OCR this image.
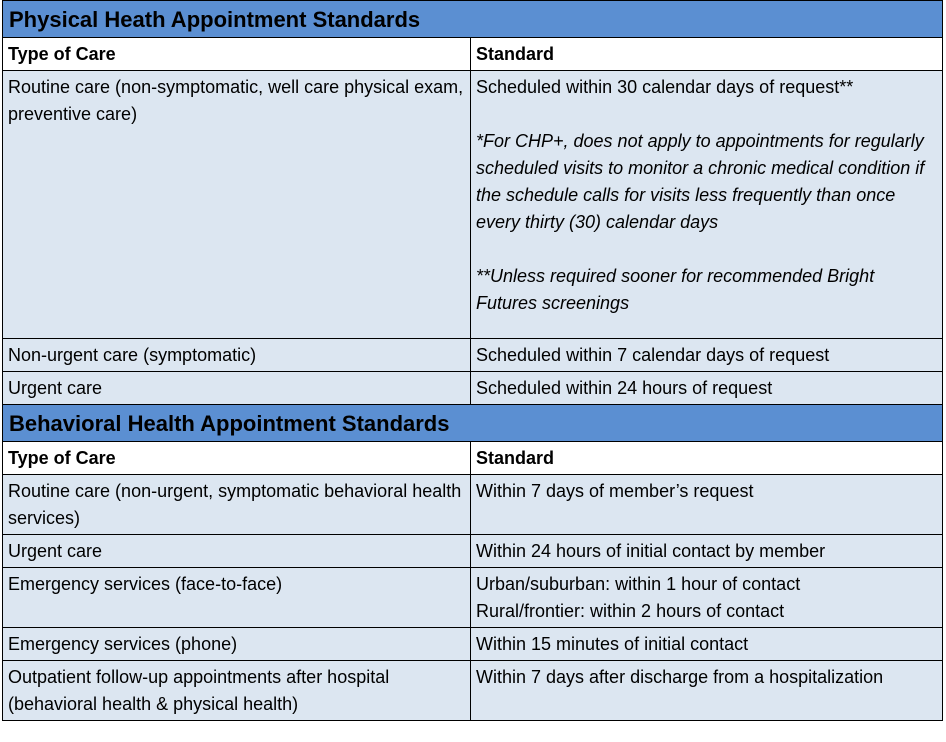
Physical Heath Appointment Standards	
Type of Care	Standard
Routine care (non-symptomatic, well care physical exam, preventive care)	Scheduled within 30 calendar days of request**
*For CHP+, does not apply to appointments for regularly scheduled visits to monitor a chronic medical condition if the schedule calls for visits less frequently than once every thirty (30) calendar days
**Unless required sooner for recommended Bright Futures screenings

Non-urgent care (symptomatic)	Scheduled within 7 calendar days of request
Urgent care	Scheduled within 24 hours of request
Behavioral Health Appointment Standards	
Type of Care	Standard
Routine care (non-urgent, symptomatic behavioral health services)	Within 7 days of member’s request
Urgent care	Within 24 hours of initial contact by member
Emergency services (face-to-face)	Urban/suburban: within 1 hour of contact
Rural/frontier: within 2 hours of contact

Emergency services (phone)	Within 15 minutes of initial contact
Outpatient follow-up appointments after hospital (behavioral health & physical health)	Within 7 days after discharge from a hospitalization
